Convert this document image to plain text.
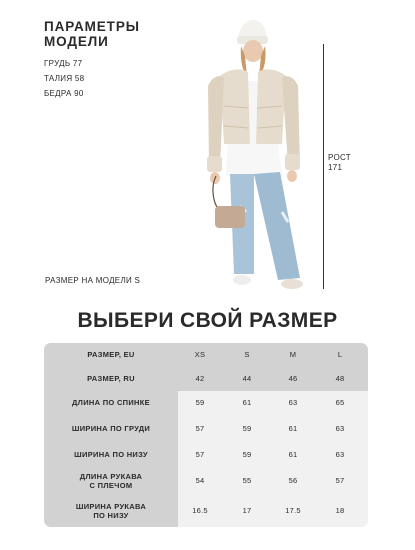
ПАРАМЕТРЫ
МОДЕЛИ

ГРУДЬ 77
ТАЛИЯ 58
БЕДРА 90
РОСТ
171
РАЗМЕР НА МОДЕЛИ S
ВЫБЕРИ СВОЙ РАЗМЕР
РАЗМЕР, EU	XS	S	M	L
РАЗМЕР, RU	42	44	46	48
ДЛИНА ПО СПИНКЕ	59	61	63	65
ШИРИНА ПО ГРУДИ	57	59	61	63
ШИРИНА ПО НИЗУ	57	59	61	63
ДЛИНА РУКАВА
С ПЛЕЧОМ
54	55	56	57
ШИРИНА РУКАВА
ПО НИЗУ
16.5	17	17.5	18
